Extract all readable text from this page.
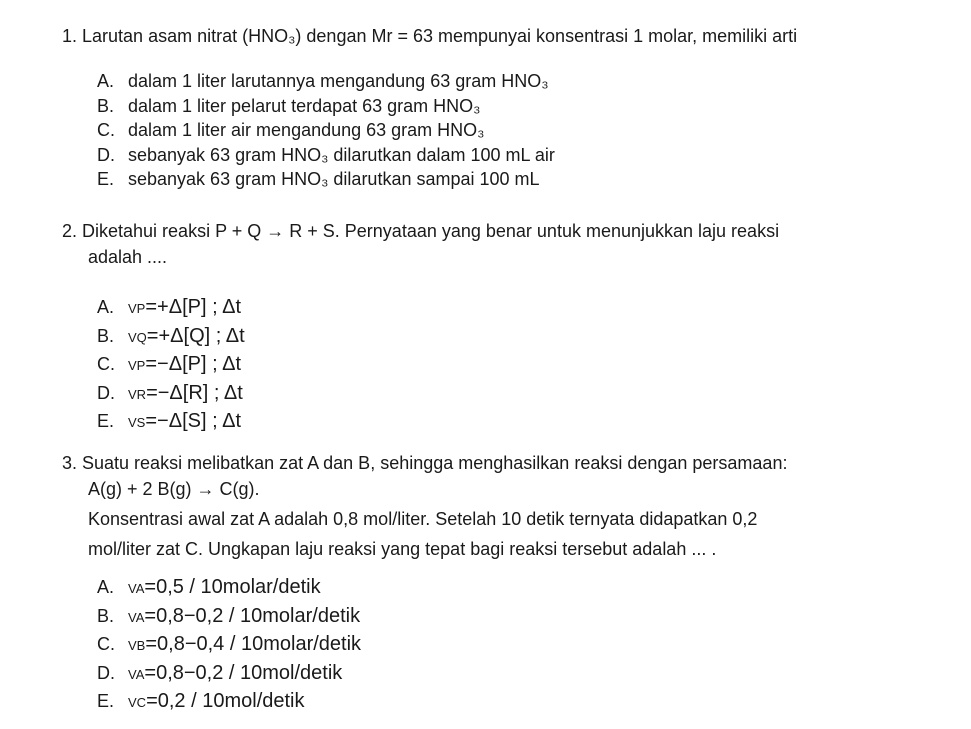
1. Larutan asam nitrat (HNO₃) dengan Mr = 63 mempunyai konsentrasi 1 molar, memiliki arti
A. dalam 1 liter larutannya mengandung 63 gram HNO₃
B. dalam 1 liter pelarut terdapat 63 gram HNO₃
C. dalam 1 liter air mengandung 63 gram HNO₃
D. sebanyak 63 gram HNO₃ dilarutkan dalam 100 mL air
E. sebanyak 63 gram HNO₃ dilarutkan sampai 100 mL
2. Diketahui reaksi P + Q → R + S. Pernyataan yang benar untuk menunjukkan laju reaksi
adalah ....
A. VP=+Δ[P] ; Δt
B. VQ=+Δ[Q] ; Δt
C. VP=−Δ[P] ; Δt
D. VR=−Δ[R] ; Δt
E. VS=−Δ[S] ; Δt
3. Suatu reaksi melibatkan zat A dan B, sehingga menghasilkan reaksi dengan persamaan:
A(g) + 2 B(g) → C(g).
Konsentrasi awal zat A adalah 0,8 mol/liter. Setelah 10 detik ternyata didapatkan 0,2
mol/liter zat C. Ungkapan laju reaksi yang tepat bagi reaksi tersebut adalah ... .
A. VA=0,5 / 10molar/detik
B. VA=0,8−0,2 / 10molar/detik
C. VB=0,8−0,4 / 10molar/detik
D. VA=0,8−0,2 / 10mol/detik
E. VC=0,2 / 10mol/detik
